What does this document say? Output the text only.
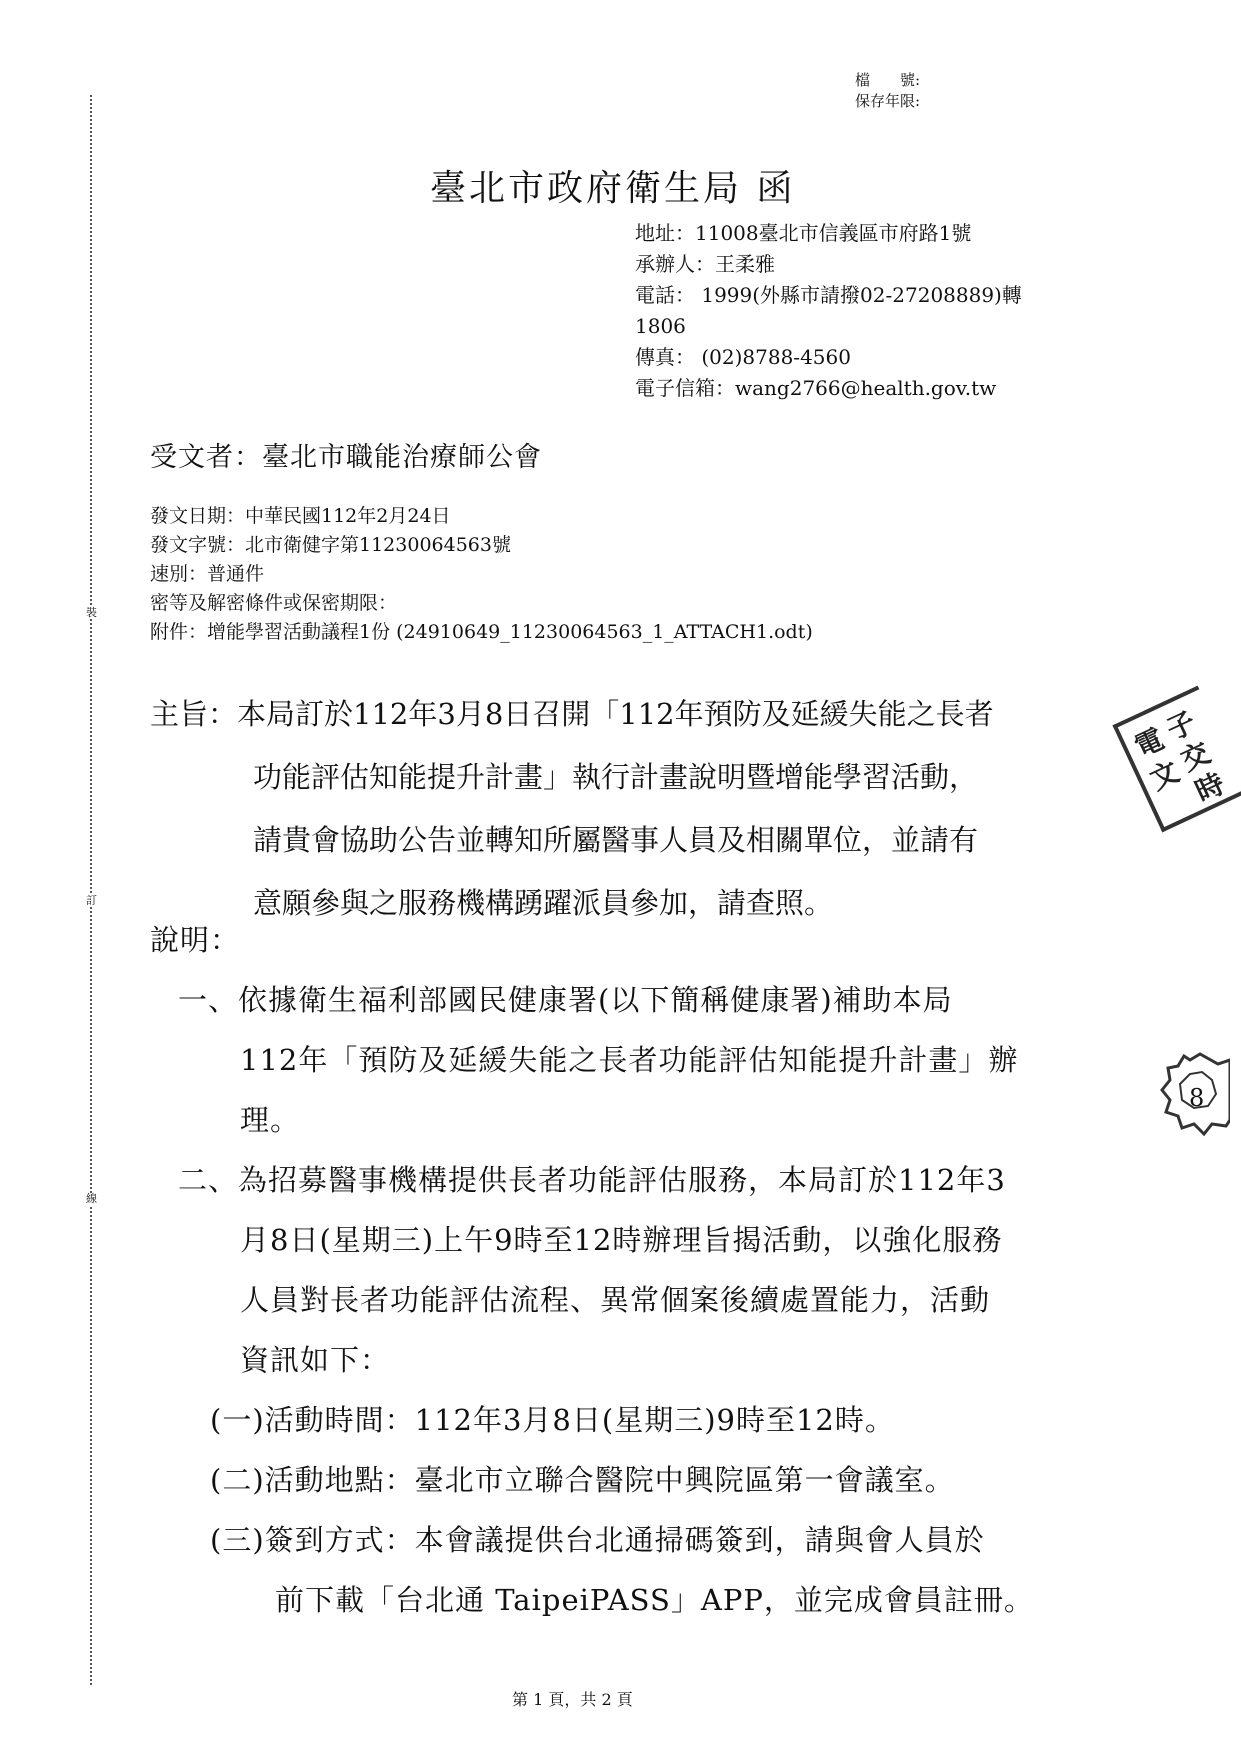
裝
訂
線
檔　　號:
保存年限:
臺北市政府衛生局 函
地址：11008臺北市信義區市府路1號
承辦人：王柔雅
電話： 1999(外縣市請撥02-27208889)轉
1806
傳真： (02)8788-4560
電子信箱：wang2766@health.gov.tw
受文者：臺北市職能治療師公會
發文日期：中華民國112年2月24日
發文字號：北市衛健字第11230064563號
速別：普通件
密等及解密條件或保密期限：
附件：增能學習活動議程1份 (24910649_11230064563_1_ATTACH1.odt)
主旨：本局訂於112年3月8日召開「112年預防及延緩失能之長者
功能評估知能提升計畫」執行計畫說明暨增能學習活動，
請貴會協助公告並轉知所屬醫事人員及相關單位，並請有
意願參與之服務機構踴躍派員參加，請查照。
說明：
一、依據衛生福利部國民健康署(以下簡稱健康署)補助本局
112年「預防及延緩失能之長者功能評估知能提升計畫」辦
理。
二、為招募醫事機構提供長者功能評估服務，本局訂於112年3
月8日(星期三)上午9時至12時辦理旨揭活動，以強化服務
人員對長者功能評估流程、異常個案後續處置能力，活動
資訊如下：
(一)活動時間：112年3月8日(星期三)9時至12時。
(二)活動地點：臺北市立聯合醫院中興院區第一會議室。
(三)簽到方式：本會議提供台北通掃碼簽到，請與會人員於
前下載「台北通 TaipeiPASS」APP，並完成會員註冊。
電
子
交
文 時
8
第 1 頁，共 2 頁
